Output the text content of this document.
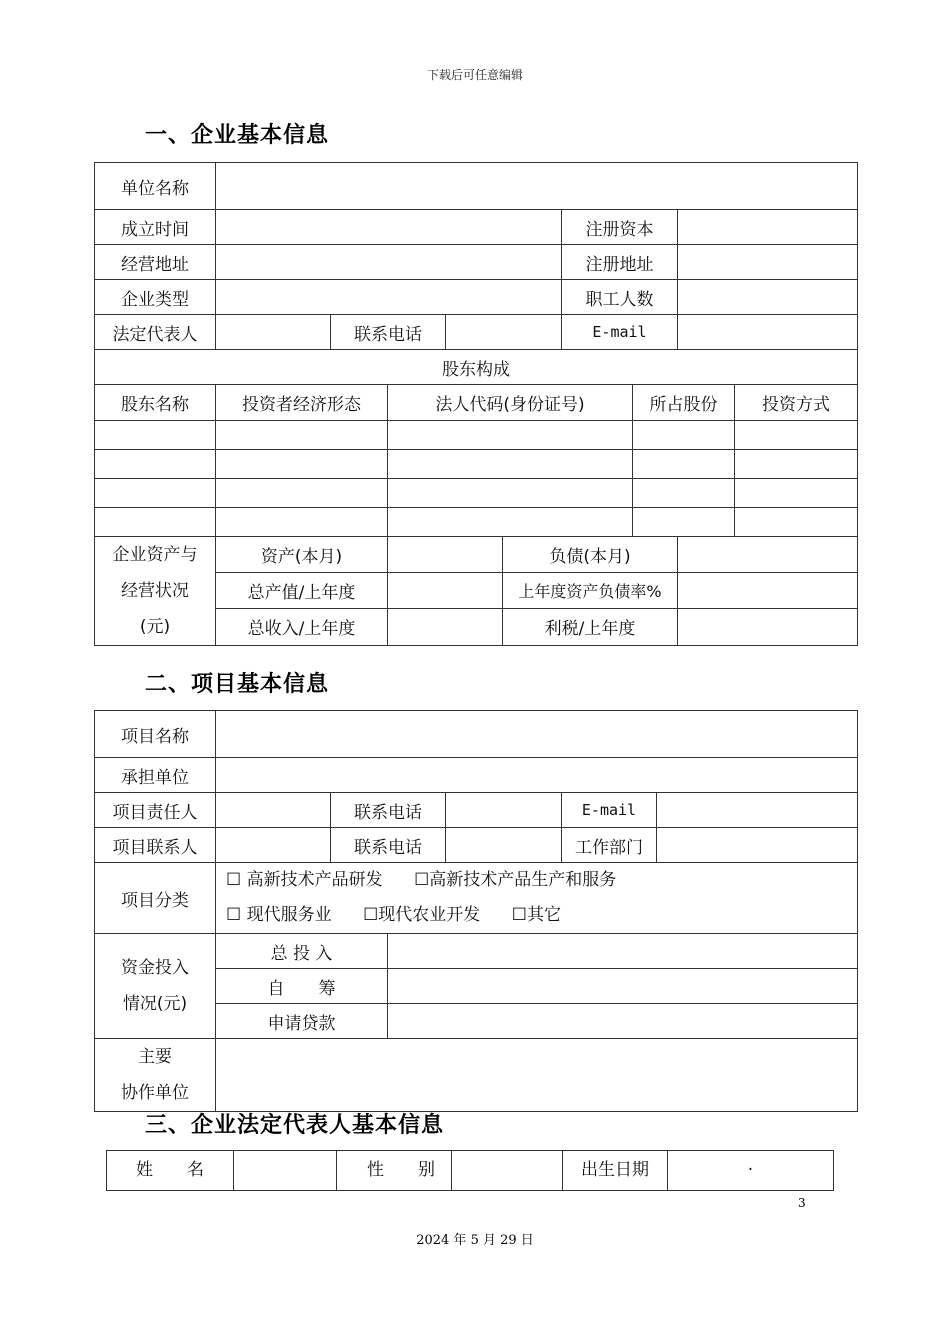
下载后可任意编辑
一、企业基本信息
单位名称									
成立时间						注册资本			
经营地址						注册地址			
企业类型						职工人数			
法定代表人		联系电话				E-mail			
股东构成									
股东名称	投资者经济形态		法人代码(身份证号)				所占股份		投资方式

企业资产与
经营状况
(元)	资产(本月)				负债(本月)				
	总产值/上年度				上年度资产负债率%				
	总收入/上年度				利税/上年度				
二、项目基本信息
项目名称						
承担单位						
项目责任人		联系电话			E-mail	
项目联系人		联系电话			工作部门	
项目分类	☐ 高新技术产品研发 ☐高新技术产品生产和服务
☐ 现代服务业 ☐现代农业开发 ☐其它					

资金投入
情况(元)	总 投 入					
	自　　筹					
	申请贷款					

主要
协作单位						

三、企业法定代表人基本信息
姓　　名		性　　别		出生日期	.
3
2024 年 5 月 29 日
